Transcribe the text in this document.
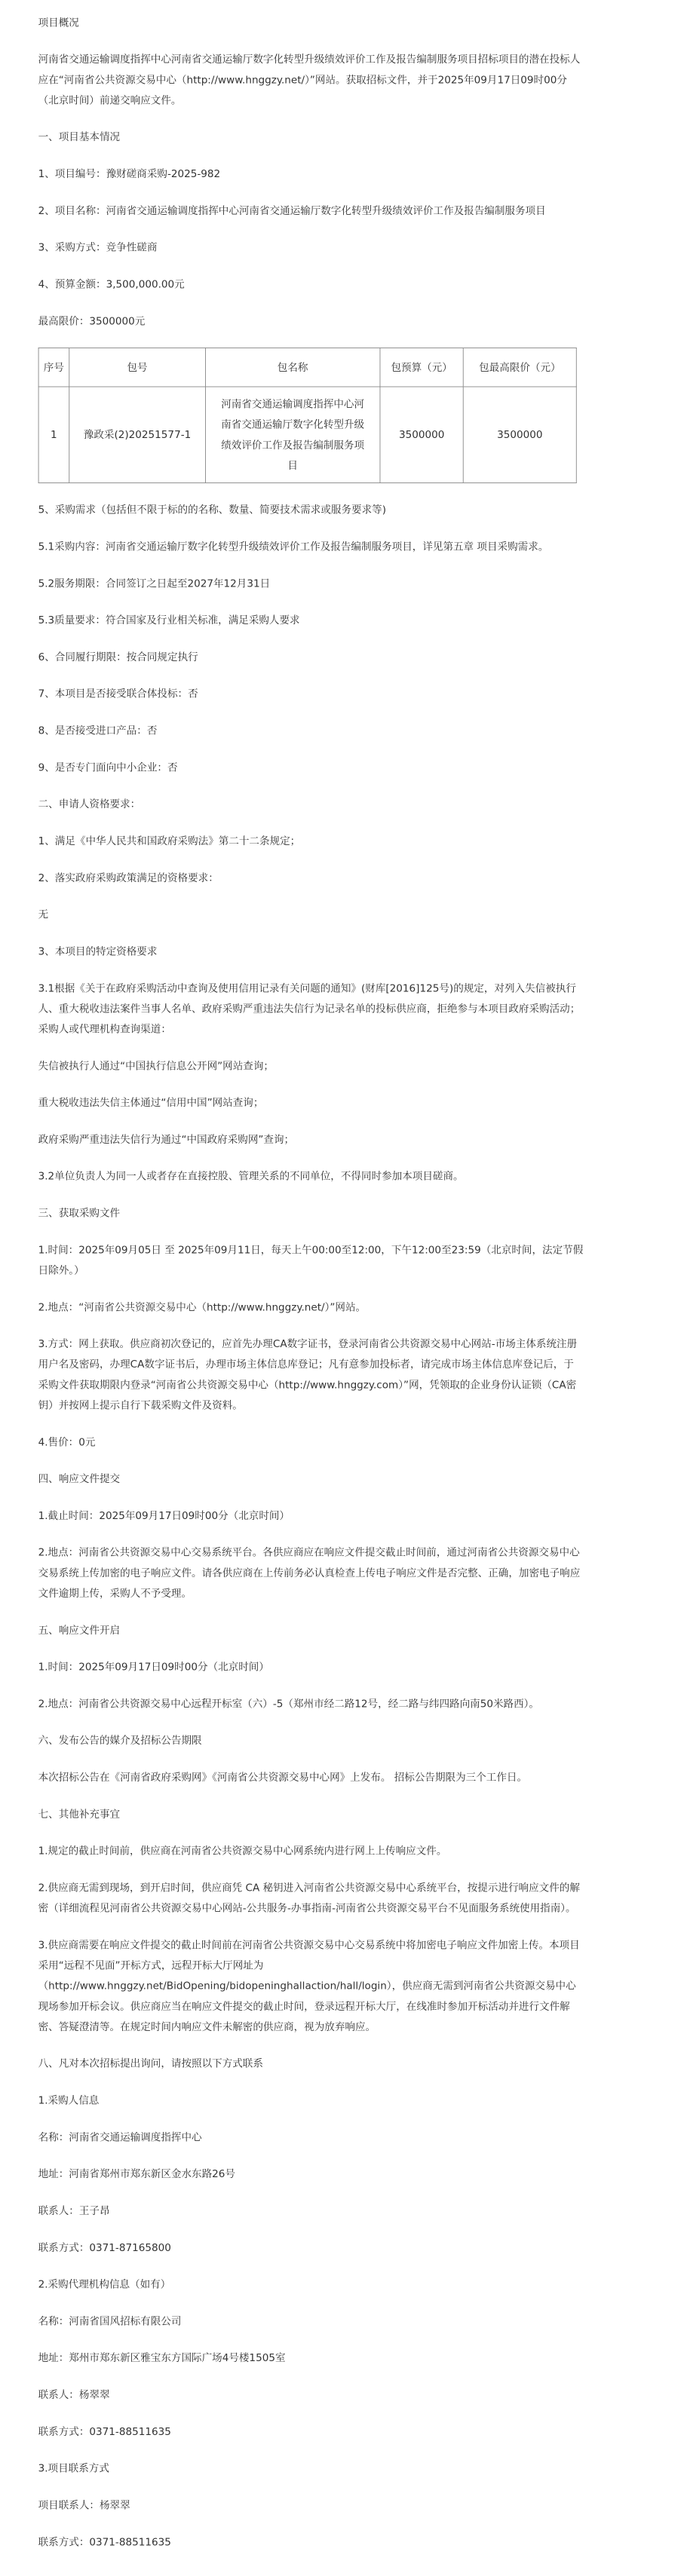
项目概况
河南省交通运输调度指挥中心河南省交通运输厅数字化转型升级绩效评价工作及报告编制服务项目招标项目的潜在投标人应在“河南省公共资源交易中心（http://www.hnggzy.net/）”网站。获取招标文件，并于2025年09月17日09时00分（北京时间）前递交响应文件。
一、项目基本情况
1、项目编号：豫财磋商采购-2025-982
2、项目名称：河南省交通运输调度指挥中心河南省交通运输厅数字化转型升级绩效评价工作及报告编制服务项目
3、采购方式：竞争性磋商
4、预算金额：3,500,000.00元
最高限价：3500000元
序号	包号	包名称	包预算（元）	包最高限价（元）
1	豫政采(2)20251577-1	河南省交通运输调度指挥中心河南省交通运输厅数字化转型升级绩效评价工作及报告编制服务项目	3500000	3500000
5、采购需求（包括但不限于标的的名称、数量、简要技术需求或服务要求等)
5.1采购内容：河南省交通运输厅数字化转型升级绩效评价工作及报告编制服务项目，详见第五章 项目采购需求。
5.2服务期限：合同签订之日起至2027年12月31日
5.3质量要求：符合国家及行业相关标准，满足采购人要求
6、合同履行期限：按合同规定执行
7、本项目是否接受联合体投标：否
8、是否接受进口产品：否
9、是否专门面向中小企业：否
二、申请人资格要求：
1、满足《中华人民共和国政府采购法》第二十二条规定；
2、落实政府采购政策满足的资格要求：
无
3、本项目的特定资格要求
3.1根据《关于在政府采购活动中查询及使用信用记录有关问题的通知》(财库[2016]125号)的规定，对列入失信被执行人、重大税收违法案件当事人名单、政府采购严重违法失信行为记录名单的投标供应商，拒绝参与本项目政府采购活动；采购人或代理机构查询渠道：
失信被执行人通过“中国执行信息公开网”网站查询；
重大税收违法失信主体通过“信用中国”网站查询；
政府采购严重违法失信行为通过“中国政府采购网”查询；
3.2单位负责人为同一人或者存在直接控股、管理关系的不同单位，不得同时参加本项目磋商。
三、获取采购文件
1.时间：2025年09月05日 至 2025年09月11日，每天上午00:00至12:00，下午12:00至23:59（北京时间，法定节假日除外。）
2.地点：“河南省公共资源交易中心（http://www.hnggzy.net/）”网站。
3.方式：网上获取。供应商初次登记的，应首先办理CA数字证书，登录河南省公共资源交易中心网站-市场主体系统注册用户名及密码，办理CA数字证书后，办理市场主体信息库登记；凡有意参加投标者，请完成市场主体信息库登记后，于采购文件获取期限内登录“河南省公共资源交易中心（http://www.hnggzy.com）”网，凭领取的企业身份认证锁（CA密钥）并按网上提示自行下载采购文件及资料。
4.售价：0元
四、响应文件提交
1.截止时间：2025年09月17日09时00分（北京时间）
2.地点：河南省公共资源交易中心交易系统平台。各供应商应在响应文件提交截止时间前，通过河南省公共资源交易中心交易系统上传加密的电子响应文件。请各供应商在上传前务必认真检查上传电子响应文件是否完整、正确，加密电子响应文件逾期上传，采购人不予受理。
五、响应文件开启
1.时间：2025年09月17日09时00分（北京时间）
2.地点：河南省公共资源交易中心远程开标室（六）-5（郑州市经二路12号，经二路与纬四路向南50米路西）。
六、发布公告的媒介及招标公告期限
本次招标公告在《河南省政府采购网》《河南省公共资源交易中心网》上发布。 招标公告期限为三个工作日。
七、其他补充事宜
1.规定的截止时间前，供应商在河南省公共资源交易中心网系统内进行网上上传响应文件。
2.供应商无需到现场，到开启时间，供应商凭 CA 秘钥进入河南省公共资源交易中心系统平台，按提示进行响应文件的解密（详细流程见河南省公共资源交易中心网站-公共服务-办事指南-河南省公共资源交易平台不见面服务系统使用指南）。
3.供应商需要在响应文件提交的截止时间前在河南省公共资源交易中心交易系统中将加密电子响应文件加密上传。本项目采用“远程不见面”开标方式，远程开标大厅网址为（http://www.hnggzy.net/BidOpening/bidopeninghallaction/hall/login），供应商无需到河南省公共资源交易中心现场参加开标会议。供应商应当在响应文件提交的截止时间，登录远程开标大厅，在线准时参加开标活动并进行文件解密、答疑澄清等。在规定时间内响应文件未解密的供应商，视为放弃响应。
八、凡对本次招标提出询问，请按照以下方式联系
1.采购人信息
名称：河南省交通运输调度指挥中心
地址：河南省郑州市郑东新区金水东路26号
联系人：王子昂
联系方式：0371-87165800
2.采购代理机构信息（如有）
名称：河南省国风招标有限公司
地址：郑州市郑东新区雅宝东方国际广场4号楼1505室
联系人：杨翠翠
联系方式：0371-88511635
3.项目联系方式
项目联系人：杨翠翠
联系方式：0371-88511635
